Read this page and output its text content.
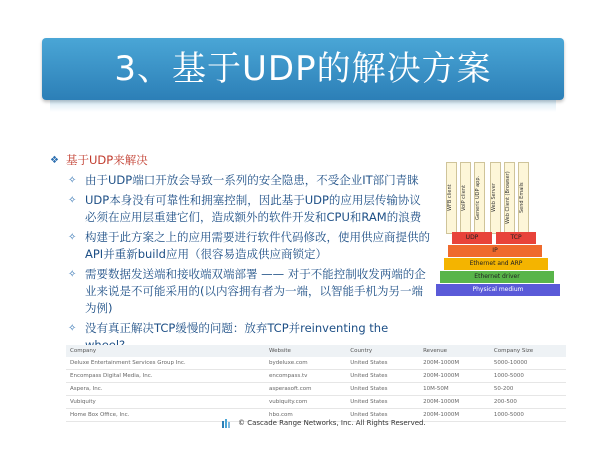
3、基于UDP的解决方案
❖ 基于UDP来解决
✧ 由于UDP端口开放会导致一系列的安全隐患，不受企业IT部门青睐
✧ UDP本身没有可靠性和拥塞控制，因此基于UDP的应用层传输协议必须在应用层重建它们，造成额外的软件开发和CPU和RAM的浪费
✧ 构建于此方案之上的应用需要进行软件代码修改，使用供应商提供的API并重新build应用（很容易造成供应商锁定）
✧ 需要数据发送端和接收端双端部署 —— 对于不能控制收发两端的企业来说是不可能采用的(以内容拥有者为一端，以智能手机为另一端为例)
✧ 没有真正解决TCP缓慢的问题：放弃TCP并reinventing the
WFB client	VoIP client	Generic UDP app.	Web Server	Web Client (Browser)	Send Emails
UDP	TCP
IP
Ethernet and ARP
Ethernet driver
Physical medium
Company	Website	Country	Revenue	Company Size
Deluxe Entertainment Services Group Inc.	bydeluxe.com	United States	200M-1000M	5000-10000
Encompass Digital Media, Inc.	encompass.tv	United States	200M-1000M	1000-5000
Aspera, Inc.	asperasoft.com	United States	10M-50M	50-200
Vubiquity	vubiquity.com	United States	200M-1000M	200-500
Home Box Office, Inc.	hbo.com	United States	200M-1000M	1000-5000
© Cascade Range Networks, Inc. All Rights Reserved.
